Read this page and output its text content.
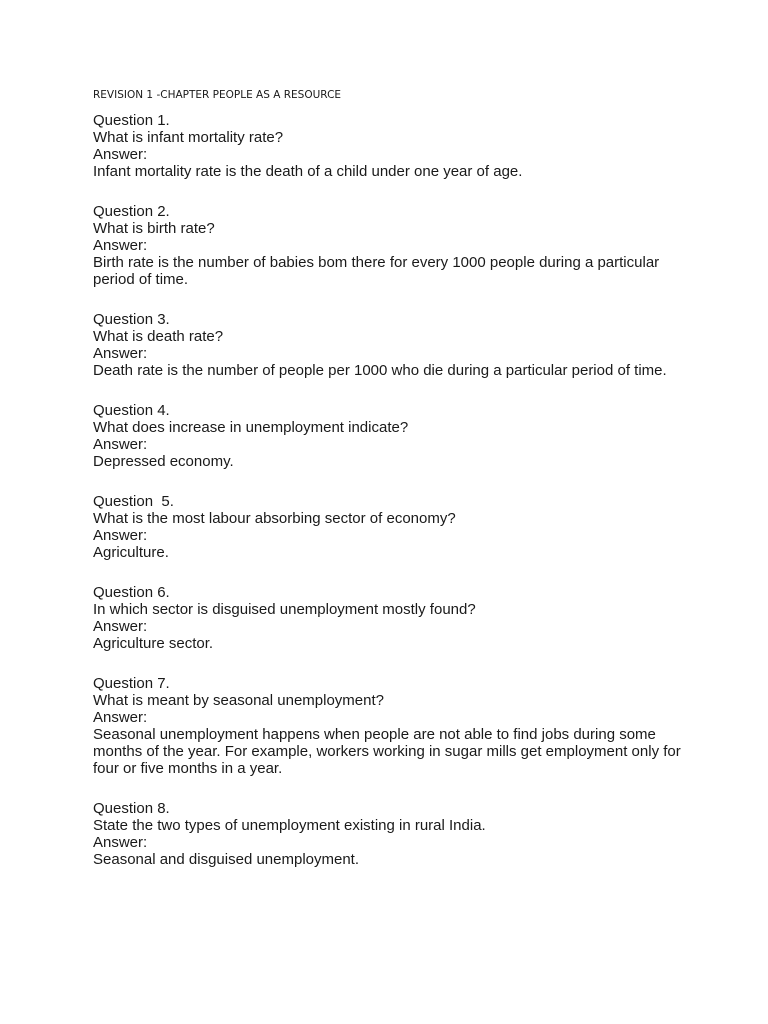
REVISION 1 -CHAPTER PEOPLE AS A RESOURCE

Question 1.

What is infant mortality rate?

Answer:

Infant mortality rate is the death of a child under one year of age.

Question 2.

What is birth rate?

Answer:

Birth rate is the number of babies bom there for every 1000 people during a particular period of time.

Question 3.

What is death rate?

Answer:

Death rate is the number of people per 1000 who die during a particular period of time.

Question 4.

What does increase in unemployment indicate?

Answer:

Depressed economy.

Question  5.

What is the most labour absorbing sector of economy?

Answer:

Agriculture.

Question 6.

In which sector is disguised unemployment mostly found?

Answer:

Agriculture sector.

Question 7.

What is meant by seasonal unemployment?

Answer:

Seasonal unemployment happens when people are not able to find jobs during some months of the year. For example, workers working in sugar mills get employment only for four or five months in a year.

Question 8.

State the two types of unemployment existing in rural India.

Answer:

Seasonal and disguised unemployment.
